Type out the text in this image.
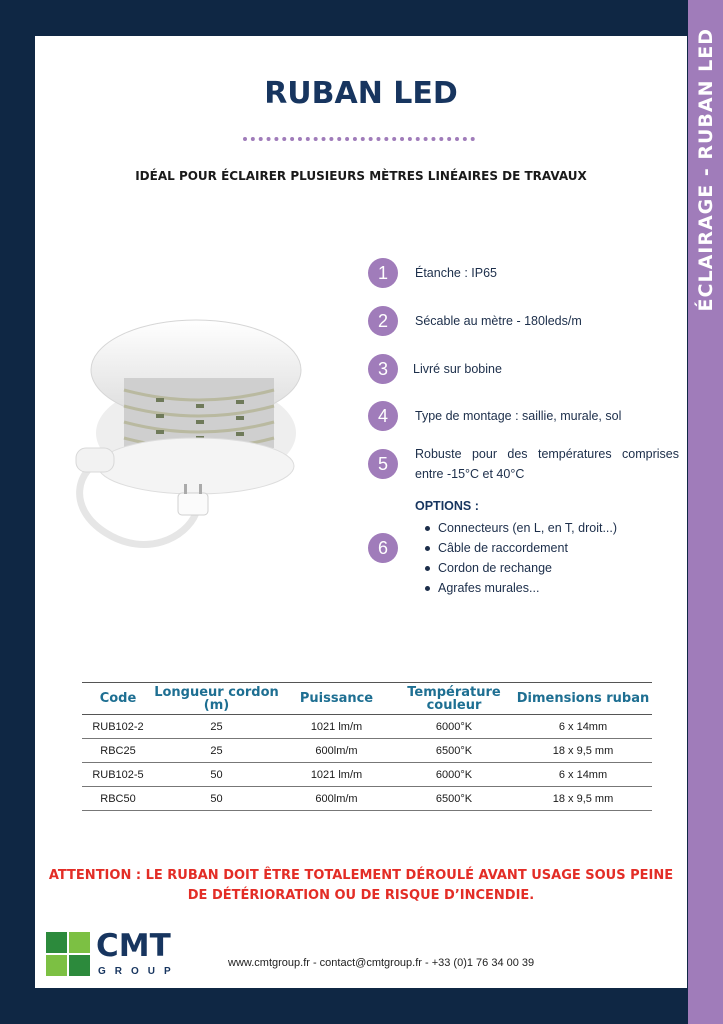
ÉCLAIRAGE - RUBAN LED
RUBAN LED
IDÉAL POUR ÉCLAIRER PLUSIEURS MÈTRES LINÉAIRES DE TRAVAUX
1	Étanche : IP65
2	Sécable au mètre - 180leds/m
3	Livré sur bobine
4	Type de montage : saillie, murale, sol
5	Robuste pour des températures comprises entre -15°C et 40°C
6
OPTIONS :
Connecteurs (en L, en T, droit...)
Câble de raccordement
Cordon de rechange
Agrafes murales...
Code	Longueur cordon (m)	Puissance	Température couleur	Dimensions ruban
RUB102-2	25	1021 lm/m	6000°K	6 x 14mm
RBC25	25	600lm/m	6500°K	18 x 9,5 mm
RUB102-5	50	1021 lm/m	6000°K	6 x 14mm
RBC50	50	600lm/m	6500°K	18 x 9,5 mm
ATTENTION : LE RUBAN DOIT ÊTRE TOTALEMENT DÉROULÉ AVANT USAGE SOUS PEINE
DE DÉTÉRIORATION OU DE RISQUE D’INCENDIE.
CMT
GROUP
www.cmtgroup.fr - contact@cmtgroup.fr - +33 (0)1 76 34 00 39
